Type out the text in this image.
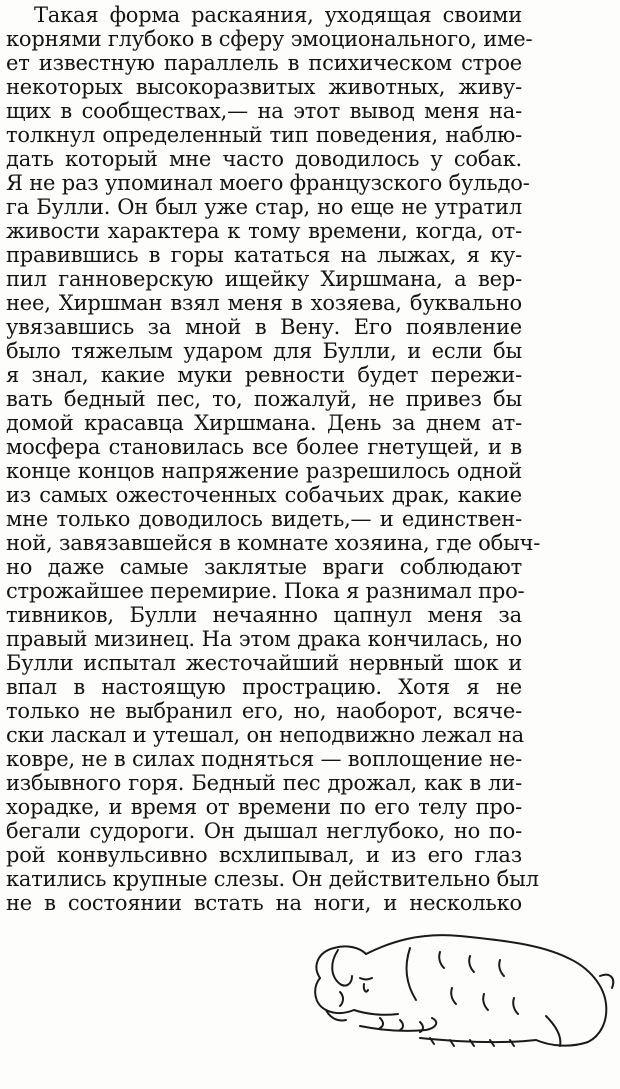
Такая форма раскаяния, уходящая своими
корнями глубоко в сферу эмоционального, име-
ет известную параллель в психическом строе
некоторых высокоразвитых животных, живу-
щих в сообществах,— на этот вывод меня на-
толкнул определенный тип поведения, наблю-
дать который мне часто доводилось у собак.
Я не раз упоминал моего французского бульдо-
га Булли. Он был уже стар, но еще не утратил
живости характера к тому времени, когда, от-
правившись в горы кататься на лыжах, я ку-
пил ганноверскую ищейку Хиршмана, а вер-
нее, Хиршман взял меня в хозяева, буквально
увязавшись за мной в Вену. Его появление
было тяжелым ударом для Булли, и если бы
я знал, какие муки ревности будет пережи-
вать бедный пес, то, пожалуй, не привез бы
домой красавца Хиршмана. День за днем ат-
мосфера становилась все более гнетущей, и в
конце концов напряжение разрешилось одной
из самых ожесточенных собачьих драк, какие
мне только доводилось видеть,— и единствен-
ной, завязавшейся в комнате хозяина, где обыч-
но даже самые заклятые враги соблюдают
строжайшее перемирие. Пока я разнимал про-
тивников, Булли нечаянно цапнул меня за
правый мизинец. На этом драка кончилась, но
Булли испытал жесточайший нервный шок и
впал в настоящую прострацию. Хотя я не
только не выбранил его, но, наоборот, всяче-
ски ласкал и утешал, он неподвижно лежал на
ковре, не в силах подняться — воплощение не-
избывного горя. Бедный пес дрожал, как в ли-
хорадке, и время от времени по его телу про-
бегали судороги. Он дышал неглубоко, но по-
рой конвульсивно всхлипывал, и из его глаз
катились крупные слезы. Он действительно был
не в состоянии встать на ноги, и несколько
